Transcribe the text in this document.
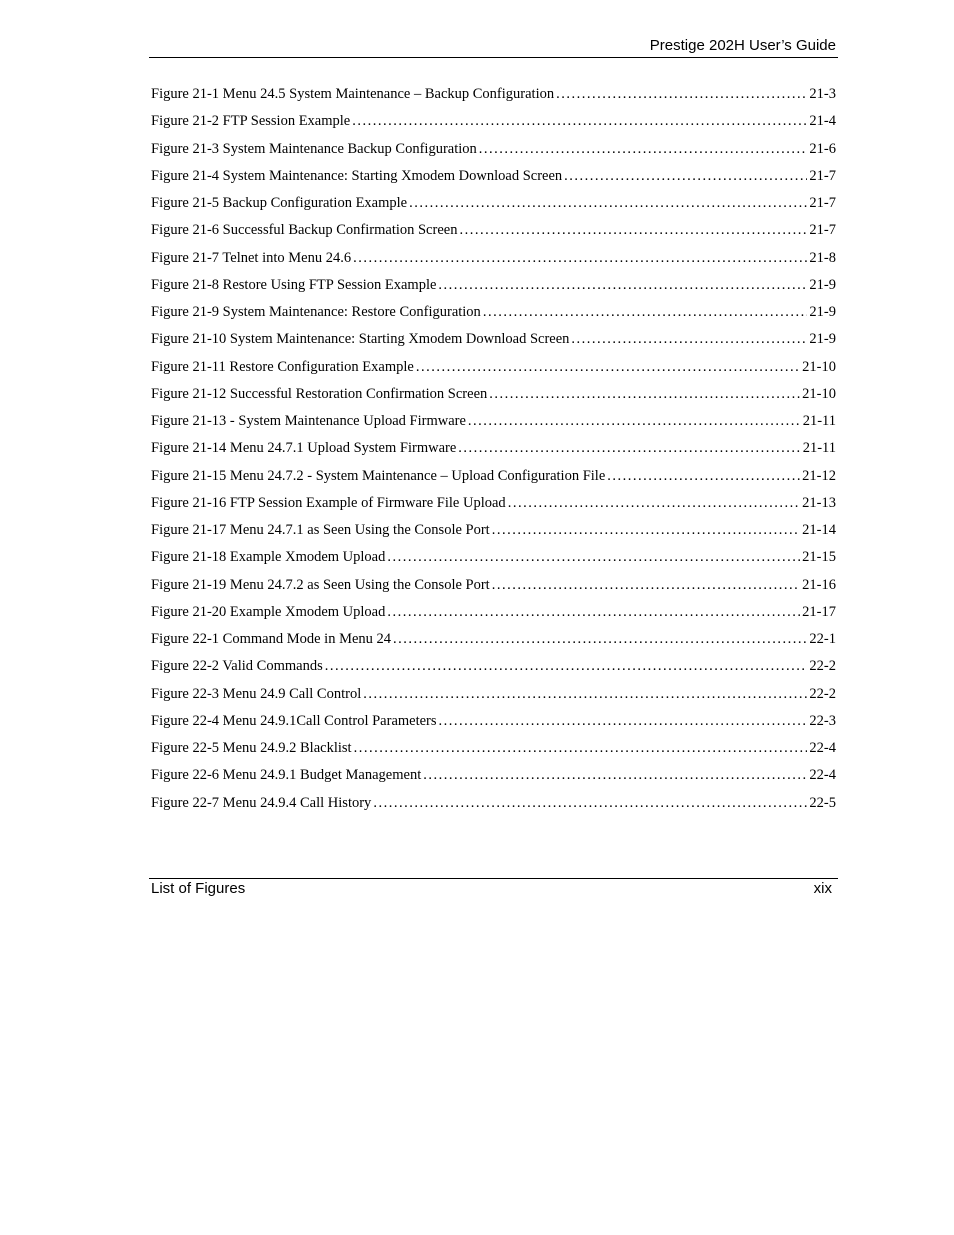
Prestige 202H User’s Guide
Figure 21-1 Menu 24.5 System Maintenance – Backup Configuration .....	21-3
Figure 21-2 FTP Session Example .....	21-4
Figure 21-3 System Maintenance Backup Configuration .....	21-6
Figure 21-4 System Maintenance: Starting Xmodem Download Screen .....	21-7
Figure 21-5 Backup Configuration Example .....	21-7
Figure 21-6 Successful Backup Confirmation Screen .....	21-7
Figure 21-7 Telnet into Menu 24.6 .....	21-8
Figure 21-8 Restore Using FTP Session Example .....	21-9
Figure 21-9 System Maintenance: Restore Configuration .....	21-9
Figure 21-10 System Maintenance: Starting Xmodem Download Screen .....	21-9
Figure 21-11 Restore Configuration Example .....	21-10
Figure 21-12 Successful Restoration Confirmation Screen .....	21-10
Figure 21-13 - System Maintenance Upload Firmware .....	21-11
Figure 21-14 Menu 24.7.1 Upload System Firmware .....	21-11
Figure 21-15 Menu 24.7.2 - System Maintenance – Upload Configuration File .....	21-12
Figure 21-16 FTP Session Example of Firmware File Upload .....	21-13
Figure 21-17 Menu 24.7.1 as Seen Using the Console Port .....	21-14
Figure 21-18 Example Xmodem Upload .....	21-15
Figure 21-19 Menu 24.7.2 as Seen Using the Console Port .....	21-16
Figure 21-20 Example Xmodem Upload .....	21-17
Figure 22-1 Command Mode in Menu 24 .....	22-1
Figure 22-2 Valid Commands .....	22-2
Figure 22-3 Menu 24.9 Call Control .....	22-2
Figure 22-4 Menu 24.9.1Call Control Parameters .....	22-3
Figure 22-5 Menu 24.9.2 Blacklist .....	22-4
Figure 22-6 Menu 24.9.1 Budget Management .....	22-4
Figure 22-7 Menu 24.9.4 Call History .....	22-5
List of Figures	xix
